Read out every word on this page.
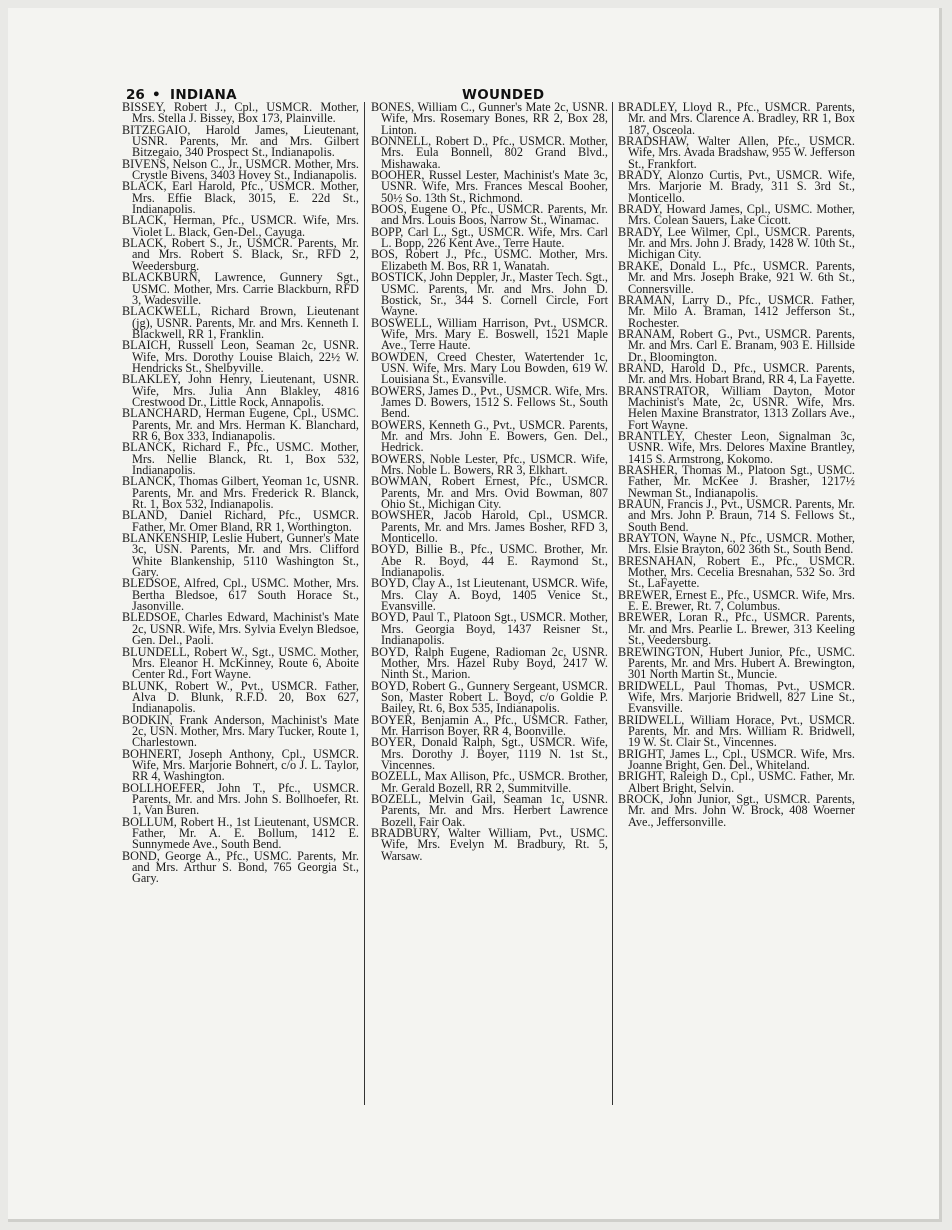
26 • INDIANA	WOUNDED
BISSEY, Robert J., Cpl., USMCR. Mother, Mrs. Stella J. Bissey, Box 173, Plainville.
BITZEGAIO, Harold James, Lieutenant, USNR. Parents, Mr. and Mrs. Gilbert Bitzegaio, 340 Prospect St., Indianapolis.
BIVENS, Nelson C., Jr., USMCR. Mother, Mrs. Crystle Bivens, 3403 Hovey St., Indianapolis.
BLACK, Earl Harold, Pfc., USMCR. Mother, Mrs. Effie Black, 3015, E. 22d St., Indianapolis.
BLACK, Herman, Pfc., USMCR. Wife, Mrs. Violet L. Black, Gen-Del., Cayuga.
BLACK, Robert S., Jr., USMCR. Parents, Mr. and Mrs. Robert S. Black, Sr., RFD 2, Weedersburg.
BLACKBURN, Lawrence, Gunnery Sgt., USMC. Mother, Mrs. Carrie Blackburn, RFD 3, Wadesville.
BLACKWELL, Richard Brown, Lieutenant (jg), USNR. Parents, Mr. and Mrs. Kenneth I. Blackwell, RR 1, Franklin.
BLAICH, Russell Leon, Seaman 2c, USNR. Wife, Mrs. Dorothy Louise Blaich, 22½ W. Hendricks St., Shelbyville.
BLAKLEY, John Henry, Lieutenant, USNR. Wife, Mrs. Julia Ann Blakley, 4816 Crestwood Dr., Little Rock, Annapolis.
BLANCHARD, Herman Eugene, Cpl., USMC. Parents, Mr. and Mrs. Herman K. Blanchard, RR 6, Box 333, Indianapolis.
BLANCK, Richard F., Pfc., USMC. Mother, Mrs. Nellie Blanck, Rt. 1, Box 532, Indianapolis.
BLANCK, Thomas Gilbert, Yeoman 1c, USNR. Parents, Mr. and Mrs. Frederick R. Blanck, Rt. 1, Box 532, Indianapolis.
BLAND, Daniel Richard, Pfc., USMCR. Father, Mr. Omer Bland, RR 1, Worthington.
BLANKENSHIP, Leslie Hubert, Gunner's Mate 3c, USN. Parents, Mr. and Mrs. Clifford White Blankenship, 5110 Washington St., Gary.
BLEDSOE, Alfred, Cpl., USMC. Mother, Mrs. Bertha Bledsoe, 617 South Horace St., Jasonville.
BLEDSOE, Charles Edward, Machinist's Mate 2c, USNR. Wife, Mrs. Sylvia Evelyn Bledsoe, Gen. Del., Paoli.
BLUNDELL, Robert W., Sgt., USMC. Mother, Mrs. Eleanor H. McKinney, Route 6, Aboite Center Rd., Fort Wayne.
BLUNK, Robert W., Pvt., USMCR. Father, Alva D. Blunk, R.F.D. 20, Box 627, Indianapolis.
BODKIN, Frank Anderson, Machinist's Mate 2c, USN. Mother, Mrs. Mary Tucker, Route 1, Charlestown.
BOHNERT, Joseph Anthony, Cpl., USMCR. Wife, Mrs. Marjorie Bohnert, c/o J. L. Taylor, RR 4, Washington.
BOLLHOEFER, John T., Pfc., USMCR. Parents, Mr. and Mrs. John S. Bollhoefer, Rt. 1, Van Buren.
BOLLUM, Robert H., 1st Lieutenant, USMCR. Father, Mr. A. E. Bollum, 1412 E. Sunnymede Ave., South Bend.
BOND, George A., Pfc., USMC. Parents, Mr. and Mrs. Arthur S. Bond, 765 Georgia St., Gary.
BONES, William C., Gunner's Mate 2c, USNR. Wife, Mrs. Rosemary Bones, RR 2, Box 28, Linton.
BONNELL, Robert D., Pfc., USMCR. Mother, Mrs. Eula Bonnell, 802 Grand Blvd., Mishawaka.
BOOHER, Russel Lester, Machinist's Mate 3c, USNR. Wife, Mrs. Frances Mescal Booher, 50½ So. 13th St., Richmond.
BOOS, Eugene O., Pfc., USMCR. Parents, Mr. and Mrs. Louis Boos, Narrow St., Winamac.
BOPP, Carl L., Sgt., USMCR. Wife, Mrs. Carl L. Bopp, 226 Kent Ave., Terre Haute.
BOS, Robert J., Pfc., USMC. Mother, Mrs. Elizabeth M. Bos, RR 1, Wanatah.
BOSTICK, John Deppler, Jr., Master Tech. Sgt., USMC. Parents, Mr. and Mrs. John D. Bostick, Sr., 344 S. Cornell Circle, Fort Wayne.
BOSWELL, William Harrison, Pvt., USMCR. Wife, Mrs. Mary E. Boswell, 1521 Maple Ave., Terre Haute.
BOWDEN, Creed Chester, Watertender 1c, USN. Wife, Mrs. Mary Lou Bowden, 619 W. Louisiana St., Evansville.
BOWERS, James D., Pvt., USMCR. Wife, Mrs. James D. Bowers, 1512 S. Fellows St., South Bend.
BOWERS, Kenneth G., Pvt., USMCR. Parents, Mr. and Mrs. John E. Bowers, Gen. Del., Hedrick.
BOWERS, Noble Lester, Pfc., USMCR. Wife, Mrs. Noble L. Bowers, RR 3, Elkhart.
BOWMAN, Robert Ernest, Pfc., USMCR. Parents, Mr. and Mrs. Ovid Bowman, 807 Ohio St., Michigan City.
BOWSHER, Jacob Harold, Cpl., USMCR. Parents, Mr. and Mrs. James Bosher, RFD 3, Monticello.
BOYD, Billie B., Pfc., USMC. Brother, Mr. Abe R. Boyd, 44 E. Raymond St., Indianapolis.
BOYD, Clay A., 1st Lieutenant, USMCR. Wife, Mrs. Clay A. Boyd, 1405 Venice St., Evansville.
BOYD, Paul T., Platoon Sgt., USMCR. Mother, Mrs. Georgia Boyd, 1437 Reisner St., Indianapolis.
BOYD, Ralph Eugene, Radioman 2c, USNR. Mother, Mrs. Hazel Ruby Boyd, 2417 W. Ninth St., Marion.
BOYD, Robert G., Gunnery Sergeant, USMCR. Son, Master Robert L. Boyd, c/o Goldie P. Bailey, Rt. 6, Box 535, Indianapolis.
BOYER, Benjamin A., Pfc., USMCR. Father, Mr. Harrison Boyer, RR 4, Boonville.
BOYER, Donald Ralph, Sgt., USMCR. Wife, Mrs. Dorothy J. Boyer, 1119 N. 1st St., Vincennes.
BOZELL, Max Allison, Pfc., USMCR. Brother, Mr. Gerald Bozell, RR 2, Summitville.
BOZELL, Melvin Gail, Seaman 1c, USNR. Parents, Mr. and Mrs. Herbert Lawrence Bozell, Fair Oak.
BRADBURY, Walter William, Pvt., USMC. Wife, Mrs. Evelyn M. Bradbury, Rt. 5, Warsaw.
BRADLEY, Lloyd R., Pfc., USMCR. Parents, Mr. and Mrs. Clarence A. Bradley, RR 1, Box 187, Osceola.
BRADSHAW, Walter Allen, Pfc., USMCR. Wife, Mrs. Avada Bradshaw, 955 W. Jefferson St., Frankfort.
BRADY, Alonzo Curtis, Pvt., USMCR. Wife, Mrs. Marjorie M. Brady, 311 S. 3rd St., Monticello.
BRADY, Howard James, Cpl., USMC. Mother, Mrs. Colean Sauers, Lake Cicott.
BRADY, Lee Wilmer, Cpl., USMCR. Parents, Mr. and Mrs. John J. Brady, 1428 W. 10th St., Michigan City.
BRAKE, Donald L., Pfc., USMCR. Parents, Mr. and Mrs. Joseph Brake, 921 W. 6th St., Connersville.
BRAMAN, Larry D., Pfc., USMCR. Father, Mr. Milo A. Braman, 1412 Jefferson St., Rochester.
BRANAM, Robert G., Pvt., USMCR. Parents, Mr. and Mrs. Carl E. Branam, 903 E. Hillside Dr., Bloomington.
BRAND, Harold D., Pfc., USMCR. Parents, Mr. and Mrs. Hobart Brand, RR 4, La Fayette.
BRANSTRATOR, William Dayton, Motor Machinist's Mate, 2c, USNR. Wife, Mrs. Helen Maxine Branstrator, 1313 Zollars Ave., Fort Wayne.
BRANTLEY, Chester Leon, Signalman 3c, USNR. Wife, Mrs. Delores Maxine Brantley, 1415 S. Armstrong, Kokomo.
BRASHER, Thomas M., Platoon Sgt., USMC. Father, Mr. McKee J. Brasher, 1217½ Newman St., Indianapolis.
BRAUN, Francis J., Pvt., USMCR. Parents, Mr. and Mrs. John P. Braun, 714 S. Fellows St., South Bend.
BRAYTON, Wayne N., Pfc., USMCR. Mother, Mrs. Elsie Brayton, 602 36th St., South Bend.
BRESNAHAN, Robert E., Pfc., USMCR. Mother, Mrs. Cecelia Bresnahan, 532 So. 3rd St., LaFayette.
BREWER, Ernest E., Pfc., USMCR. Wife, Mrs. E. E. Brewer, Rt. 7, Columbus.
BREWER, Loran R., Pfc., USMCR. Parents, Mr. and Mrs. Pearlie L. Brewer, 313 Keeling St., Veedersburg.
BREWINGTON, Hubert Junior, Pfc., USMC. Parents, Mr. and Mrs. Hubert A. Brewington, 301 North Martin St., Muncie.
BRIDWELL, Paul Thomas, Pvt., USMCR. Wife, Mrs. Marjorie Bridwell, 827 Line St., Evansville.
BRIDWELL, William Horace, Pvt., USMCR. Parents, Mr. and Mrs. William R. Bridwell, 19 W. St. Clair St., Vincennes.
BRIGHT, James L., Cpl., USMCR. Wife, Mrs. Joanne Bright, Gen. Del., Whiteland.
BRIGHT, Raleigh D., Cpl., USMC. Father, Mr. Albert Bright, Selvin.
BROCK, John Junior, Sgt., USMCR. Parents, Mr. and Mrs. John W. Brock, 408 Woerner Ave., Jeffersonville.
